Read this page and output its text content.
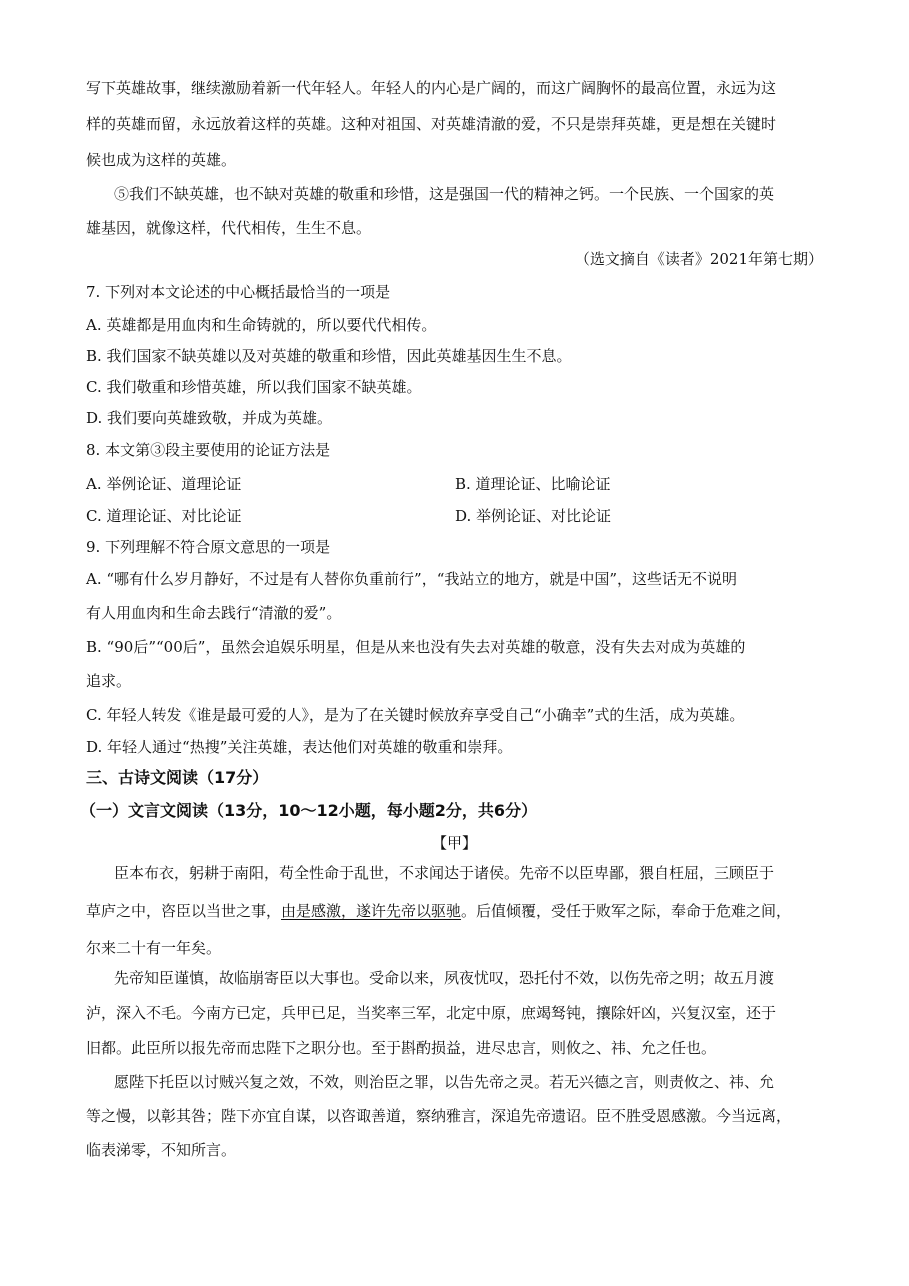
写下英雄故事，继续激励着新一代年轻人。年轻人的内心是广阔的，而这广阔胸怀的最高位置，永远为这
样的英雄而留，永远放着这样的英雄。这种对祖国、对英雄清澈的爱，不只是崇拜英雄，更是想在关键时
候也成为这样的英雄。
⑤我们不缺英雄，也不缺对英雄的敬重和珍惜，这是强国一代的精神之钙。一个民族、一个国家的英
雄基因，就像这样，代代相传，生生不息。
（选文摘自《读者》2021年第七期）
7. 下列对本文论述的中心概括最恰当的一项是
A. 英雄都是用血肉和生命铸就的，所以要代代相传。
B. 我们国家不缺英雄以及对英雄的敬重和珍惜，因此英雄基因生生不息。
C. 我们敬重和珍惜英雄，所以我们国家不缺英雄。
D. 我们要向英雄致敬，并成为英雄。
8. 本文第③段主要使用的论证方法是
A. 举例论证、道理论证	B. 道理论证、比喻论证
C. 道理论证、对比论证	D. 举例论证、对比论证
9. 下列理解不符合原文意思的一项是
A. “哪有什么岁月静好，不过是有人替你负重前行”，“我站立的地方，就是中国”，这些话无不说明
有人用血肉和生命去践行“清澈的爱”。
B. “90后”“00后”，虽然会追娱乐明星，但是从来也没有失去对英雄的敬意，没有失去对成为英雄的
追求。
C. 年轻人转发《谁是最可爱的人》，是为了在关键时候放弃享受自己“小确幸”式的生活，成为英雄。
D. 年轻人通过“热搜”关注英雄，表达他们对英雄的敬重和崇拜。
三、古诗文阅读（17分）
（一）文言文阅读（13分，10～12小题，每小题2分，共6分）
【甲】
臣本布衣，躬耕于南阳，苟全性命于乱世，不求闻达于诸侯。先帝不以臣卑鄙，猥自枉屈，三顾臣于
草庐之中，咨臣以当世之事，由是感激，遂许先帝以驱驰。后值倾覆，受任于败军之际，奉命于危难之间，
尔来二十有一年矣。
先帝知臣谨慎，故临崩寄臣以大事也。受命以来，夙夜忧叹，恐托付不效，以伤先帝之明；故五月渡
泸，深入不毛。今南方已定，兵甲已足，当奖率三军，北定中原，庶竭驽钝，攘除奸凶，兴复汉室，还于
旧都。此臣所以报先帝而忠陛下之职分也。至于斟酌损益，进尽忠言，则攸之、祎、允之任也。
愿陛下托臣以讨贼兴复之效，不效，则治臣之罪，以告先帝之灵。若无兴德之言，则责攸之、祎、允
等之慢，以彰其咎；陛下亦宜自谋，以咨诹善道，察纳雅言，深追先帝遗诏。臣不胜受恩感激。今当远离，
临表涕零，不知所言。
